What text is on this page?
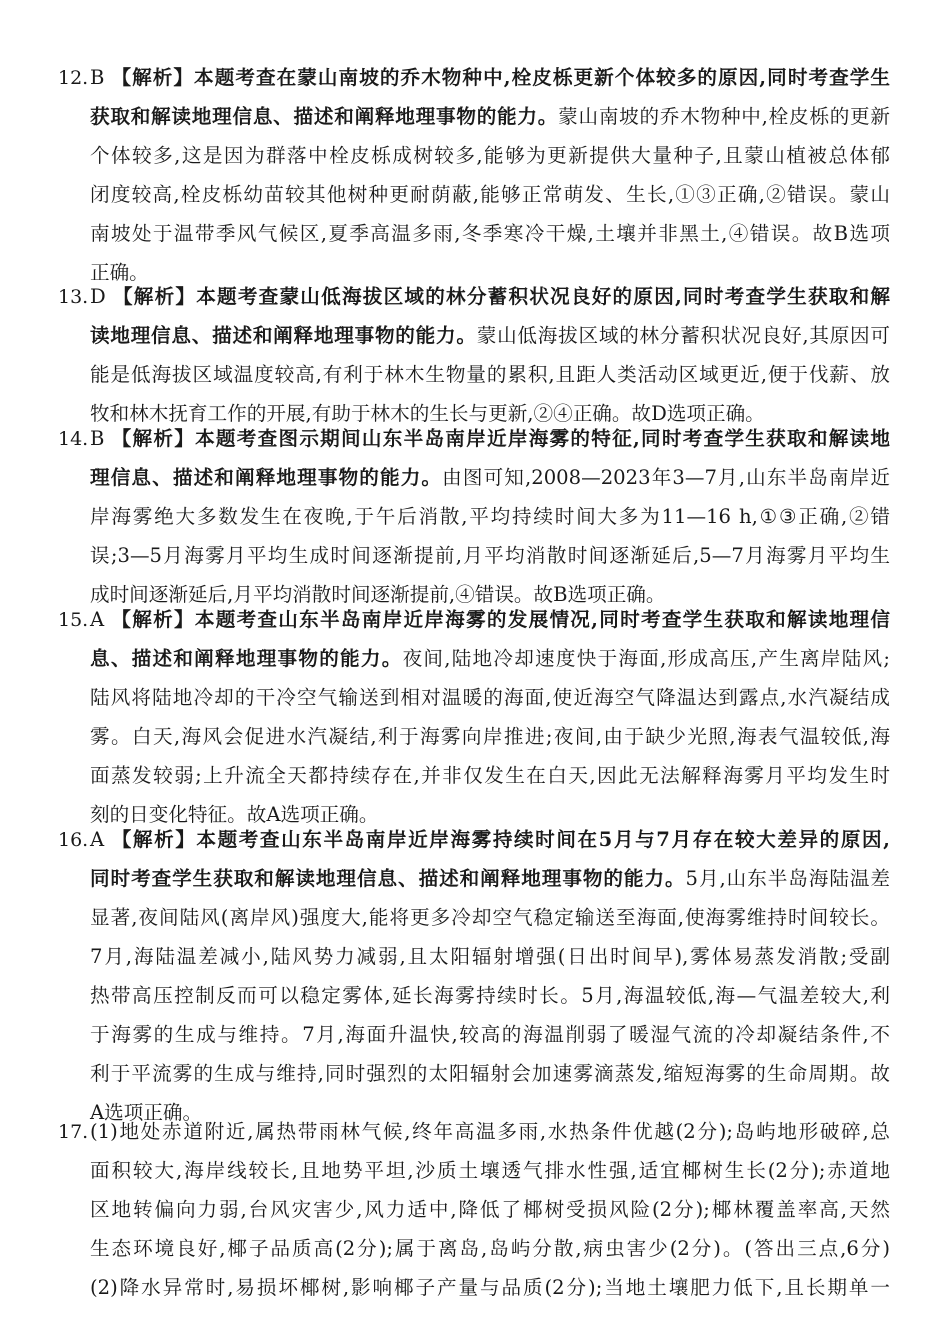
12.B 【解析】本题考查在蒙山南坡的乔木物种中,栓皮栎更新个体较多的原因,同时考查学生
获取和解读地理信息、描述和阐释地理事物的能力。蒙山南坡的乔木物种中,栓皮栎的更新
个体较多,这是因为群落中栓皮栎成树较多,能够为更新提供大量种子,且蒙山植被总体郁
闭度较高,栓皮栎幼苗较其他树种更耐荫蔽,能够正常萌发、生长,①③正确,②错误。蒙山
南坡处于温带季风气候区,夏季高温多雨,冬季寒冷干燥,土壤并非黑土,④错误。故B选项
正确。
13.D 【解析】本题考查蒙山低海拔区域的林分蓄积状况良好的原因,同时考查学生获取和解
读地理信息、描述和阐释地理事物的能力。蒙山低海拔区域的林分蓄积状况良好,其原因可
能是低海拔区域温度较高,有利于林木生物量的累积,且距人类活动区域更近,便于伐薪、放
牧和林木抚育工作的开展,有助于林木的生长与更新,②④正确。故D选项正确。
14.B 【解析】本题考查图示期间山东半岛南岸近岸海雾的特征,同时考查学生获取和解读地
理信息、描述和阐释地理事物的能力。由图可知,2008—2023年3—7月,山东半岛南岸近
岸海雾绝大多数发生在夜晚,于午后消散,平均持续时间大多为11—16 h,①③正确,②错
误;3—5月海雾月平均生成时间逐渐提前,月平均消散时间逐渐延后,5—7月海雾月平均生
成时间逐渐延后,月平均消散时间逐渐提前,④错误。故B选项正确。
15.A 【解析】本题考查山东半岛南岸近岸海雾的发展情况,同时考查学生获取和解读地理信
息、描述和阐释地理事物的能力。夜间,陆地冷却速度快于海面,形成高压,产生离岸陆风;
陆风将陆地冷却的干冷空气输送到相对温暖的海面,使近海空气降温达到露点,水汽凝结成
雾。白天,海风会促进水汽凝结,利于海雾向岸推进;夜间,由于缺少光照,海表气温较低,海
面蒸发较弱;上升流全天都持续存在,并非仅发生在白天,因此无法解释海雾月平均发生时
刻的日变化特征。故A选项正确。
16.A 【解析】本题考查山东半岛南岸近岸海雾持续时间在5月与7月存在较大差异的原因,
同时考查学生获取和解读地理信息、描述和阐释地理事物的能力。5月,山东半岛海陆温差
显著,夜间陆风(离岸风)强度大,能将更多冷却空气稳定输送至海面,使海雾维持时间较长。
7月,海陆温差减小,陆风势力减弱,且太阳辐射增强(日出时间早),雾体易蒸发消散;受副
热带高压控制反而可以稳定雾体,延长海雾持续时长。5月,海温较低,海—气温差较大,利
于海雾的生成与维持。7月,海面升温快,较高的海温削弱了暖湿气流的冷却凝结条件,不
利于平流雾的生成与维持,同时强烈的太阳辐射会加速雾滴蒸发,缩短海雾的生命周期。故
A选项正确。
17.(1)地处赤道附近,属热带雨林气候,终年高温多雨,水热条件优越(2分);岛屿地形破碎,总
面积较大,海岸线较长,且地势平坦,沙质土壤透气排水性强,适宜椰树生长(2分);赤道地
区地转偏向力弱,台风灾害少,风力适中,降低了椰树受损风险(2分);椰林覆盖率高,天然
生态环境良好,椰子品质高(2分);属于离岛,岛屿分散,病虫害少(2分)。(答出三点,6分)
(2)降水异常时,易损坏椰树,影响椰子产量与品质(2分);当地土壤肥力低下,且长期单一
